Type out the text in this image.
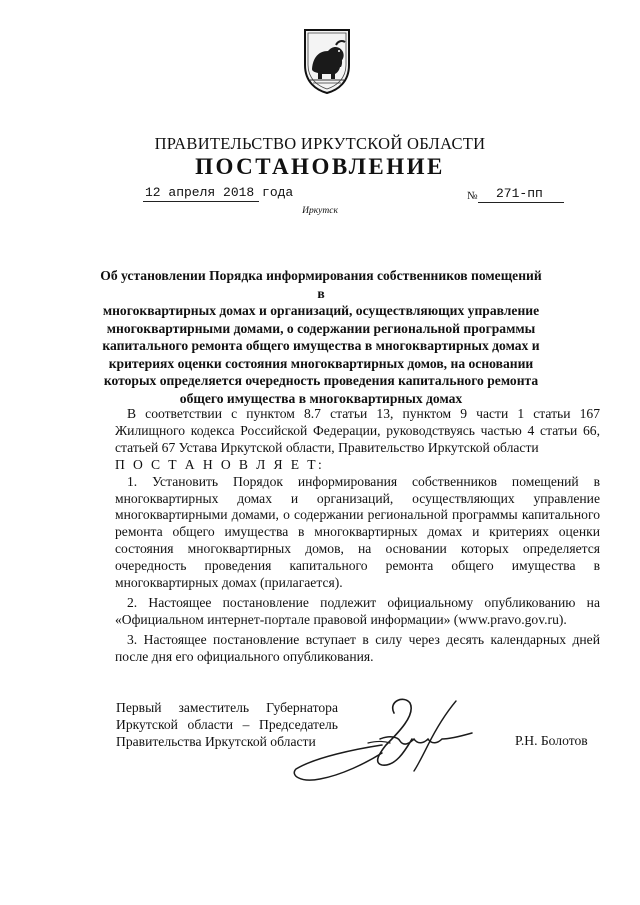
ПРАВИТЕЛЬСТВО ИРКУТСКОЙ ОБЛАСТИ
ПОСТАНОВЛЕНИЕ
12 апреля 2018 года	№ 271-пп
Иркутск
Об установлении Порядка информирования собственников помещений в
многоквартирных домах и организаций, осуществляющих управление
многоквартирными домами, о содержании региональной программы
капитального ремонта общего имущества в многоквартирных домах и
критериях оценки состояния многоквартирных домов, на основании
которых определяется очередность проведения капитального ремонта
общего имущества в многоквартирных домах

В соответствии с пунктом 8.7 статьи 13, пунктом 9 части 1 статьи 167 Жилищного кодекса Российской Федерации, руководствуясь частью 4 статьи 66, статьей 67 Устава Иркутской области, Правительство Иркутской области

П О С Т А Н О В Л Я Е Т:

1. Установить Порядок информирования собственников помещений в многоквартирных домах и организаций, осуществляющих управление многоквартирными домами, о содержании региональной программы капитального ремонта общего имущества в многоквартирных домах и критериях оценки состояния многоквартирных домов, на основании которых определяется очередность проведения капитального ремонта общего имущества в многоквартирных домах (прилагается).

2. Настоящее постановление подлежит официальному опубликованию на «Официальном интернет-портале правовой информации» (www.pravo.gov.ru).

3. Настоящее постановление вступает в силу через десять календарных дней после дня его официального опубликования.

Первый заместитель Губернатора
Иркутской области – Председатель
Правительства Иркутской области	Р.Н. Болотов
